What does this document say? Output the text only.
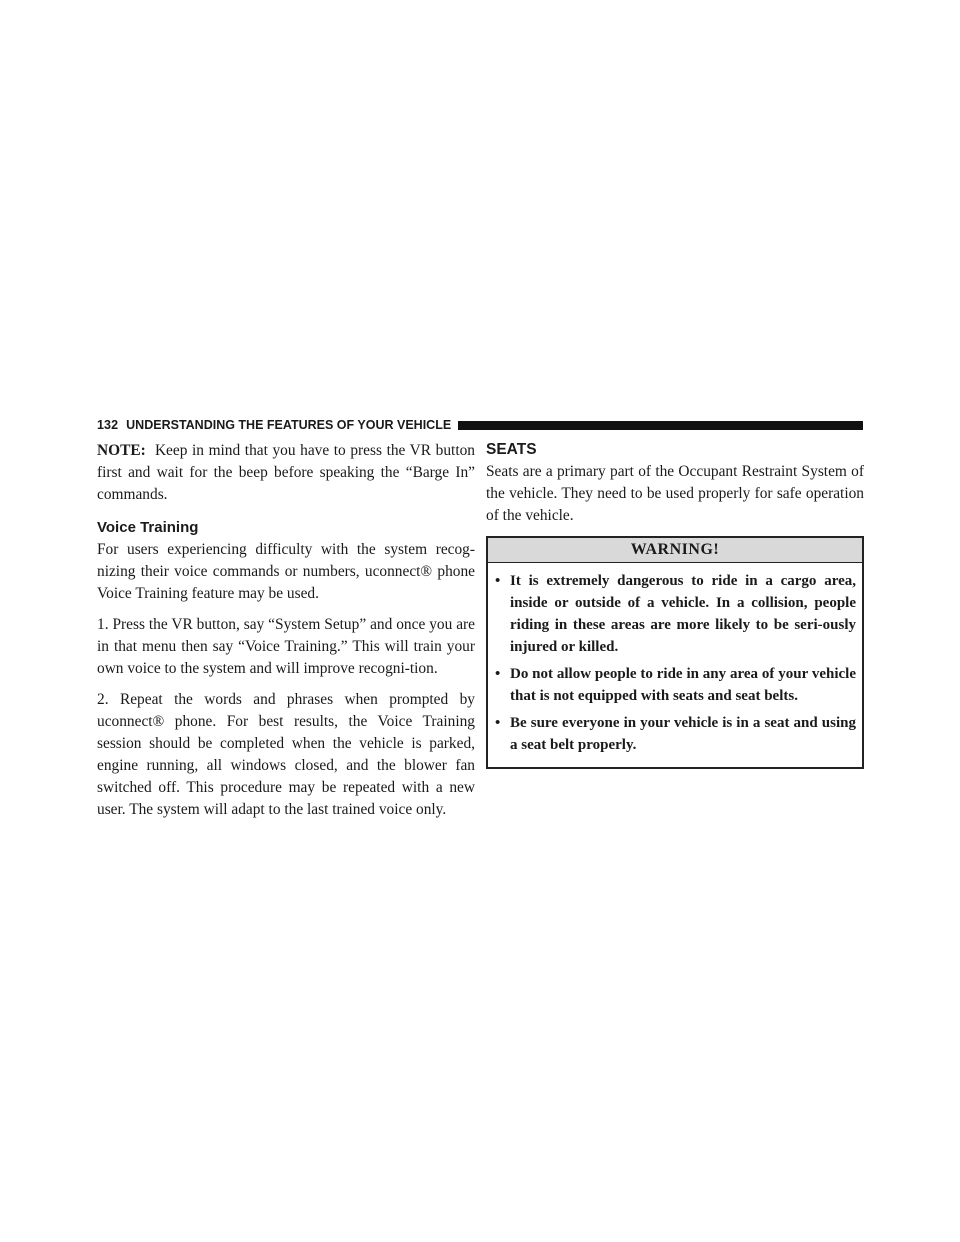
132 UNDERSTANDING THE FEATURES OF YOUR VEHICLE

NOTE: Keep in mind that you have to press the VR button first and wait for the beep before speaking the “Barge In” commands.

Voice Training

For users experiencing difficulty with the system recog-nizing their voice commands or numbers, uconnect® phone Voice Training feature may be used.

1. Press the VR button, say “System Setup” and once you are in that menu then say “Voice Training.” This will train your own voice to the system and will improve recogni-tion.

2. Repeat the words and phrases when prompted by uconnect® phone. For best results, the Voice Training session should be completed when the vehicle is parked, engine running, all windows closed, and the blower fan switched off. This procedure may be repeated with a new user. The system will adapt to the last trained voice only.

SEATS

Seats are a primary part of the Occupant Restraint System of the vehicle. They need to be used properly for safe operation of the vehicle.

WARNING!
• It is extremely dangerous to ride in a cargo area, inside or outside of a vehicle. In a collision, people riding in these areas are more likely to be seri-ously injured or killed.
• Do not allow people to ride in any area of your vehicle that is not equipped with seats and seat belts.
• Be sure everyone in your vehicle is in a seat and using a seat belt properly.
